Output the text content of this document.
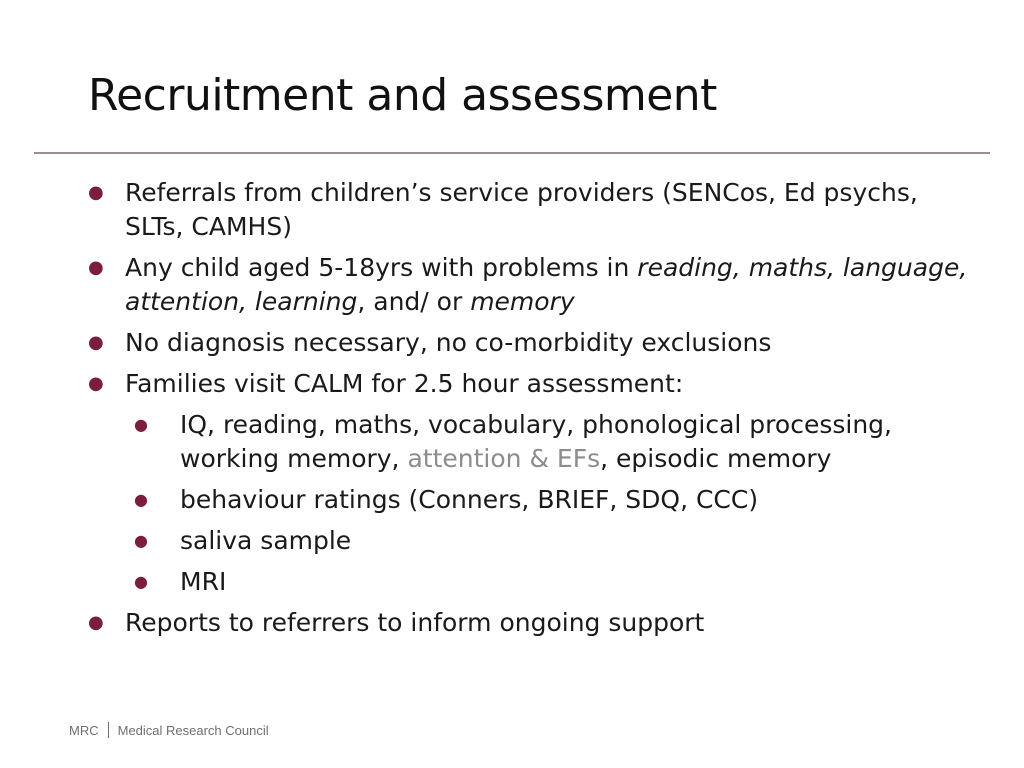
Recruitment and assessment
● Referrals from children’s service providers (SENCos, Ed psychs, SLTs, CAMHS)
● Any child aged 5-18yrs with problems in reading, maths, language, attention, learning, and/ or memory
● No diagnosis necessary, no co-morbidity exclusions
● Families visit CALM for 2.5 hour assessment:
● IQ, reading, maths, vocabulary, phonological processing, working memory, attention & EFs, episodic memory
● behaviour ratings (Conners, BRIEF, SDQ, CCC)
● saliva sample
● MRI
● Reports to referrers to inform ongoing support
MRC Medical Research Council
